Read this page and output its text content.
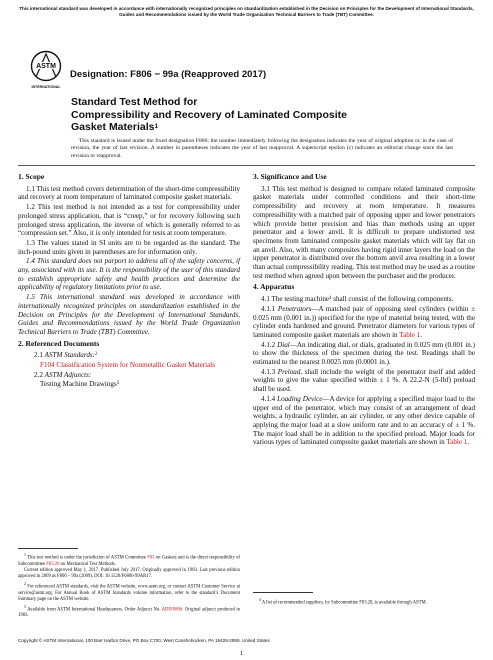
This international standard was developed in accordance with internationally recognized principles on standardization established in the Decision on Principles for the Development of International Standards, Guides and Recommendations issued by the World Trade Organization Technical Barriers to Trade (TBT) Committee.
ASTM
INTERNATIONAL
Designation: F806 − 99a (Reapproved 2017)
Standard Test Method for
Compressibility and Recovery of Laminated Composite
Gasket Materials$^1$
This standard is issued under the fixed designation F806; the number immediately following the designation indicates the year of original adoption or, in the case of revision, the year of last revision. A number in parentheses indicates the year of last reapproval. A superscript epsilon (ε) indicates an editorial change since the last revision or reapproval.
1. Scope

1.1 This test method covers determination of the short-time compressibility and recovery at room temperature of laminated composite gasket materials.

1.2 This test method is not intended as a test for compressibility under prolonged stress application, that is “creep,” or for recovery following such prolonged stress application, the inverse of which is generally referred to as “compression set.” Also, it is only intended for tests at room temperature.

1.3 The values stated in SI units are to be regarded as the standard. The inch-pound units given in parentheses are for information only.

1.4 This standard does not purport to address all of the safety concerns, if any, associated with its use. It is the responsibility of the user of this standard to establish appropriate safety and health practices and determine the applicability of regulatory limitations prior to use.

1.5 This international standard was developed in accordance with internationally recognized principles on standardization established in the Decision on Principles for the Development of International Standards, Guides and Recommendations issued by the World Trade Organization Technical Barriers to Trade (TBT) Committee.

2. Referenced Documents

2.1 ASTM Standards:$^2$

F104 Classification System for Nonmetallic Gasket Materials

2.2 ASTM Adjuncts:

Testing Machine Drawings$^3$

3. Significance and Use

3.1 This test method is designed to compare related laminated composite gasket materials under controlled conditions and their short-time compressibility and recovery at room temperature. It measures compressibility with a matched pair of opposing upper and lower penetrators which provide better precision and bias than methods using an upper penetrator and a lower anvil. It is difficult to prepare undistorted test specimens from laminated composite gasket materials which will lay flat on an anvil. Also, with many composites having rigid inner layers the load on the upper penetrator is distributed over the bottom anvil area resulting in a lower than actual compressibility reading. This test method may be used as a routine test method when agreed upon between the purchaser and the producer.

4. Apparatus

4.1 The testing machine$^4$ shall consist of the following components.

4.1.1 Penetrators—A matched pair of opposing steel cylinders (within ± 0.025 mm (0.001 in.)) specified for the type of material being tested, with the cylinder ends hardened and ground. Penetrator diameters for various types of laminated composite gasket materials are shown in Table 1.

4.1.2 Dial—An indicating dial, or dials, graduated in 0.025 mm (0.001 in.) to show the thickness of the specimen during the test. Readings shall be estimated to the nearest 0.0025 mm (0.0001 in.).

4.1.3 Preload, shall include the weight of the penetrator itself and added weights to give the value specified within ± 1 %. A 22.2-N (5-lbf) preload shall be used.

4.1.4 Loading Device—A device for applying a specified major load to the upper end of the penetrator, which may consist of an arrangement of dead weights, a hydraulic cylinder, an air cylinder, or any other device capable of applying the major load at a slow uniform rate and to an accuracy of ± 1 %. The major load shall be in addition to the specified preload. Major loads for various types of laminated composite gasket materials are shown in Table 1.

$^1$ This test method is under the jurisdiction of ASTM Committee F03 on Gaskets and is the direct responsibility of Subcommittee F03.20 on Mechanical Test Methods.

Current edition approved May 1, 2017. Published July 2017. Originally approved in 1983. Last previous edition approved in 2009 as F806 – 99a (2009). DOI: 10.1520/F0806-99AR17.

$^2$ For referenced ASTM standards, visit the ASTM website, www.astm.org, or contact ASTM Customer Service at service@astm.org. For Annual Book of ASTM Standards volume information, refer to the standard’s Document Summary page on the ASTM website.

$^3$ Available from ASTM International Headquarters. Order Adjunct No. ADJF0806. Original adjunct produced in 1983.

$^4$ A list of recommended suppliers, by Subcommittee F03.20, is available through ASTM.

Copyright © ASTM International, 100 Barr Harbor Drive, PO Box C700, West Conshohocken, PA 19428-2959. United States
1
